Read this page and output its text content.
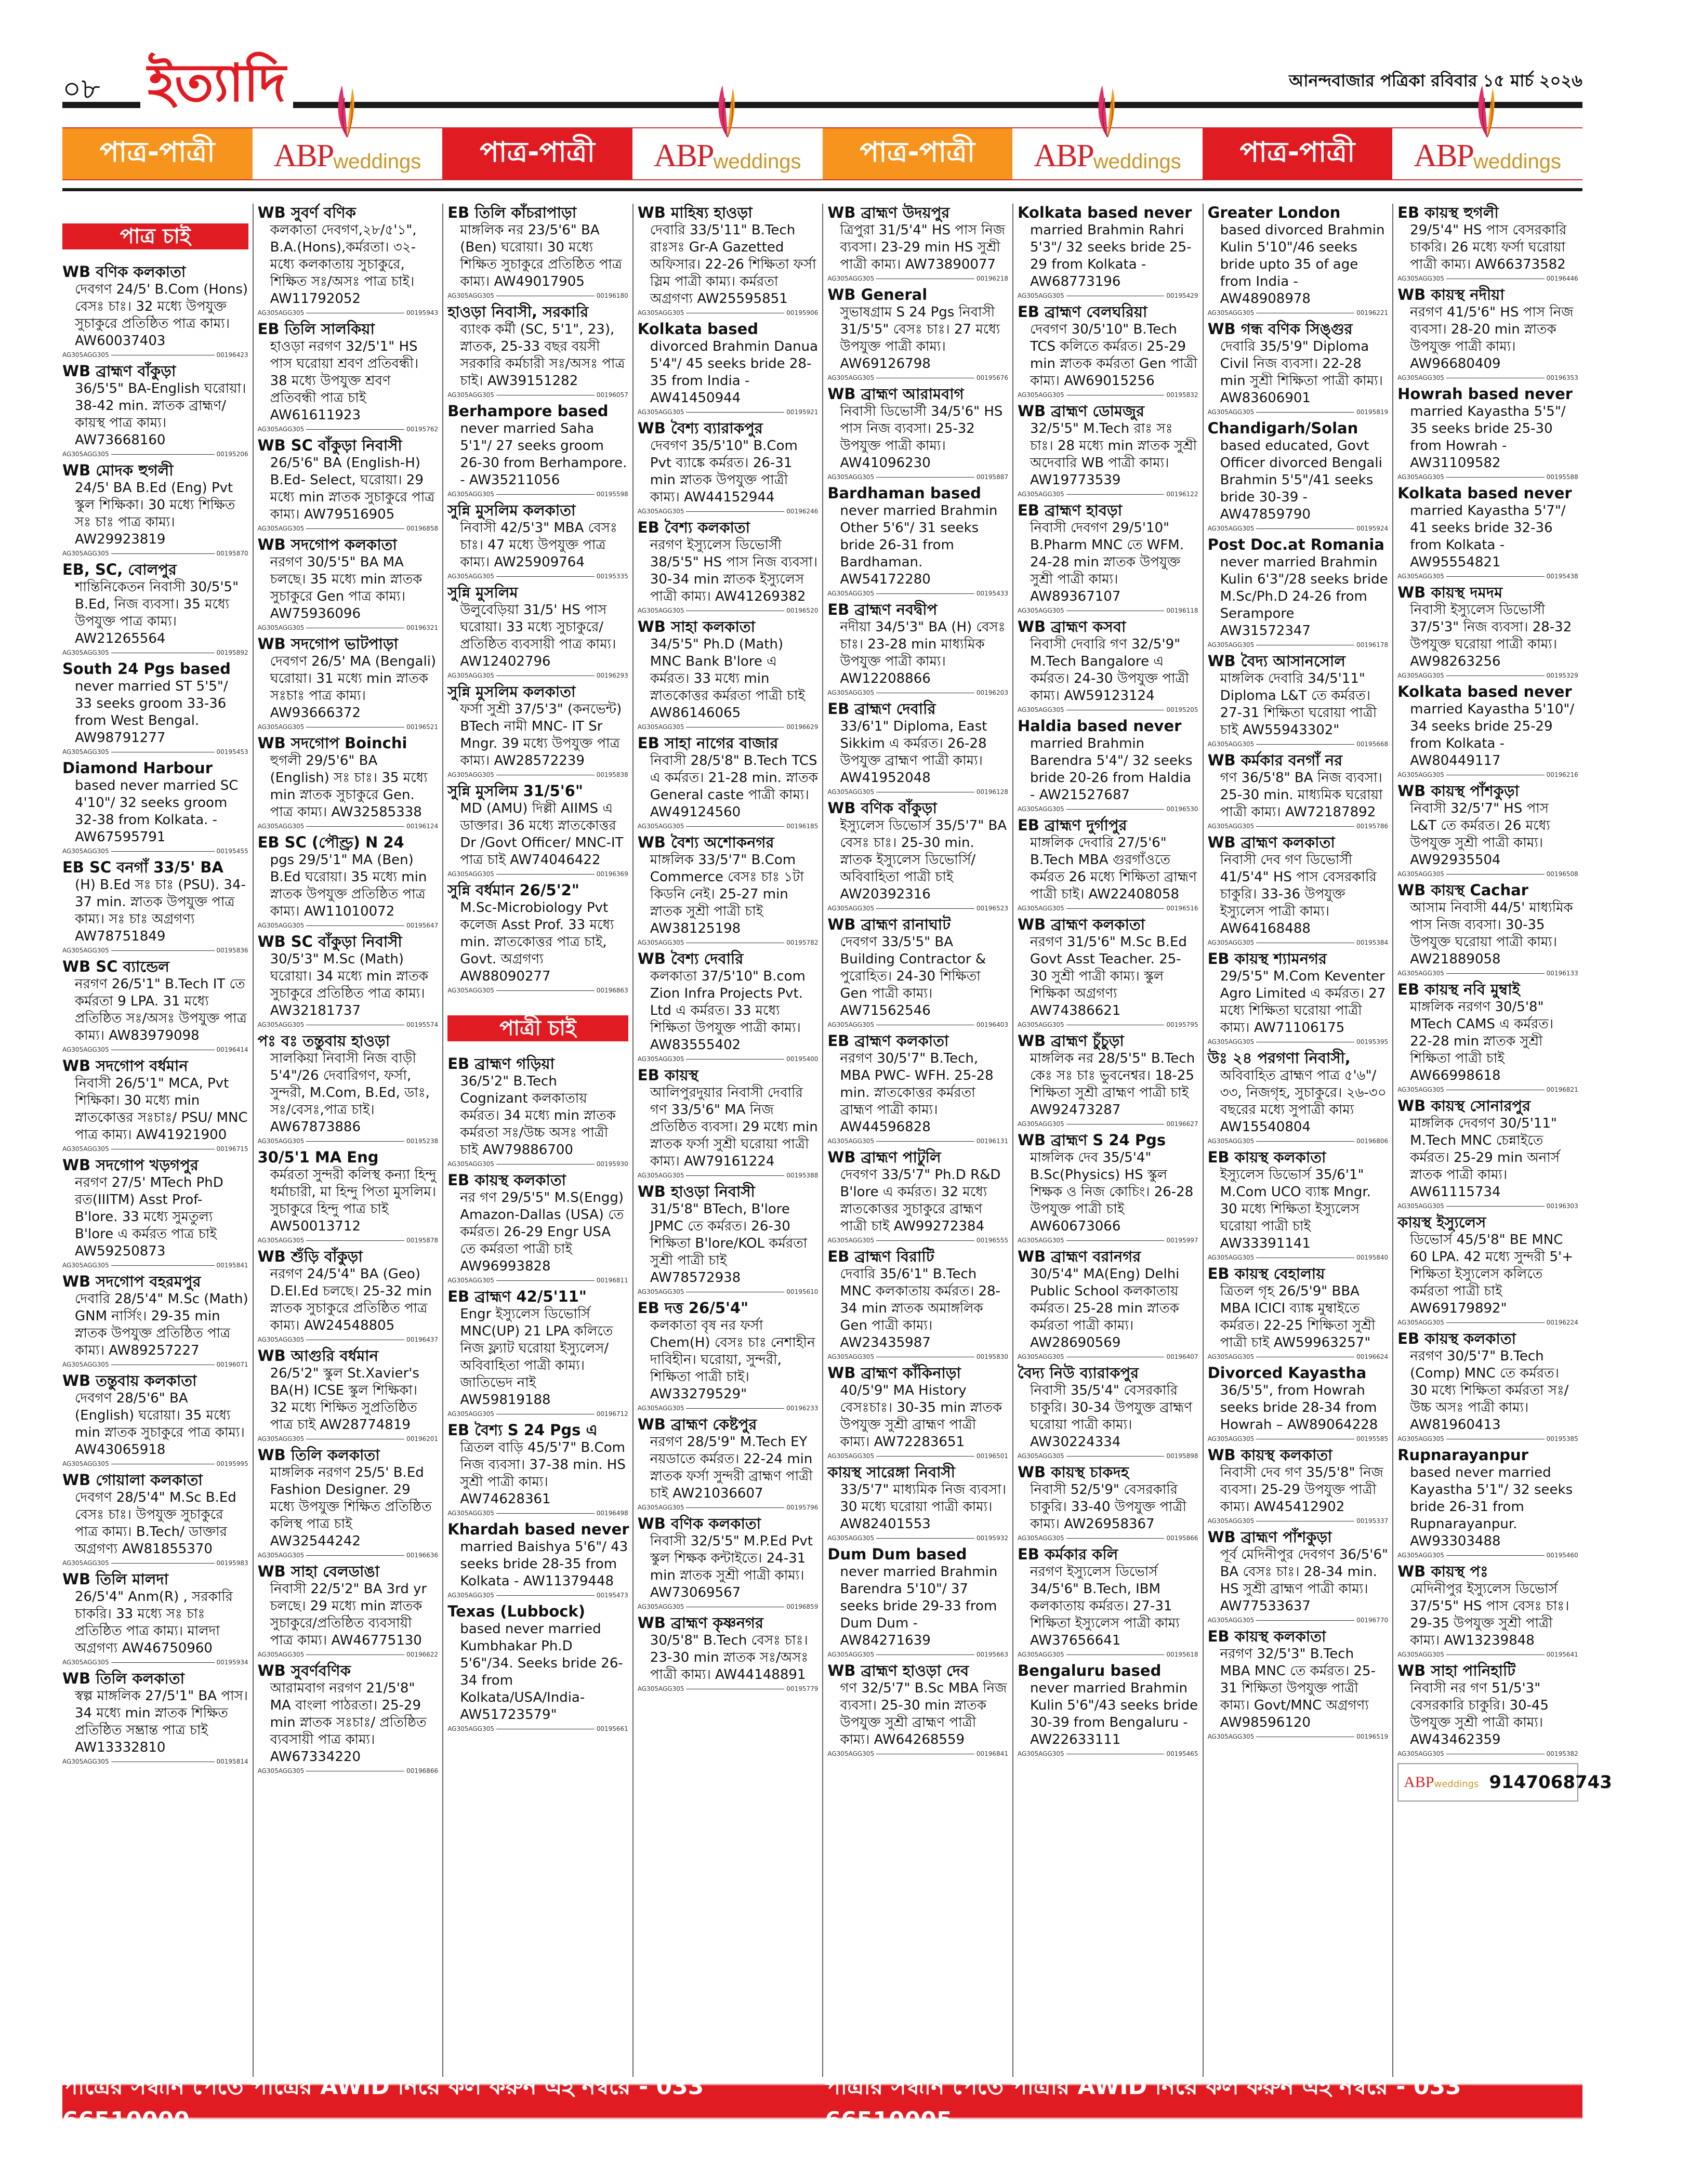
০৮ ইত্যাদি	আনন্দবাজার পত্রিকা রবিবার ১৫ মার্চ ২০২৬
পাত্র-পাত্রী	ABP weddings	পাত্র-পাত্রী	ABP weddings	পাত্র-পাত্রী	ABP weddings	পাত্র-পাত্রী	ABP weddings
পাত্র চাই
WB বণিক কলকাতা
দেবগণ 24/5' B.Com (Hons) বেসঃ চাঃ। 32 মধ্যে উপযুক্ত সুচাকুরে প্রতিষ্ঠিত পাত্র কাম্য। AW60037403
AG305AGG305	00196423
WB ব্রাহ্মণ বাঁকুড়া
36/5'5" BA-English ঘরোয়া। 38-42 min. স্নাতক ব্রাহ্মণ/ কায়স্থ পাত্র কাম্য। AW73668160
AG305AGG305	00195206
WB মোদক হুগলী
24/5' BA B.Ed (Eng) Pvt স্কুল শিক্ষিকা। 30 মধ্যে শিক্ষিত সঃ চাঃ পাত্র কাম্য। AW29923819
AG305AGG305	00195870
EB, SC, বোলপুর
শান্তিনিকেতন নিবাসী 30/5'5" B.Ed, নিজ ব্যবসা। 35 মধ্যে উপযুক্ত পাত্র কাম্য। AW21265564
AG305AGG305	00195892
South 24 Pgs based
never married ST 5'5"/ 33 seeks groom 33-36 from West Bengal. AW98791277
AG305AGG305	00195453
Diamond Harbour
based never married SC 4'10"/ 32 seeks groom 32-38 from Kolkata. - AW67595791
AG305AGG305	00195455
EB SC বনগাঁ 33/5' BA
(H) B.Ed সঃ চাঃ (PSU). 34-37 min. স্নাতক উপযুক্ত পাত্র কাম্য। সঃ চাঃ অগ্রগণ্য AW78751849
AG305AGG305	00195836
WB SC ব্যান্ডেল
নরগণ 26/5'1" B.Tech IT তে কর্মরতা 9 LPA. 31 মধ্যে প্রতিষ্ঠিত সঃ/অসঃ উপযুক্ত পাত্র কাম্য। AW83979098
AG305AGG305	00196414
WB সদগোপ বর্ধমান
নিবাসী 26/5'1" MCA, Pvt শিক্ষিকা। 30 মধ্যে min স্নাতকোত্তর সঃচাঃ/ PSU/ MNC পাত্র কাম্য। AW41921900
AG305AGG305	00196715
WB সদগোপ খড়গপুর
নরগণ 27/5' MTech PhD রত(IIITM) Asst Prof- B'lore. 33 মধ্যে সুমতুল্য B'lore এ কর্মরত পাত্র চাই AW59250873
AG305AGG305	00195841
WB সদগোপ বহরমপুর
দেবারি 28/5'4" M.Sc (Math) GNM নার্সিং। 29-35 min স্নাতক উপযুক্ত প্রতিষ্ঠিত পাত্র কাম্য। AW89257227
AG305AGG305	00196071
WB তন্তুবায় কলকাতা
দেবগণ 28/5'6" BA (English) ঘরোয়া। 35 মধ্যে min স্নাতক সুচাকুরে পাত্র কাম্য। AW43065918
AG305AGG305	00195995
WB গোয়ালা কলকাতা
দেবগণ 28/5'4" M.Sc B.Ed বেসঃ চাঃ। উপযুক্ত সুচাকুরে পাত্র কাম্য। B.Tech/ ডাক্তার অগ্রগণ্য AW81855370
AG305AGG305	00195983
WB তিলি মালদা
26/5'4" Anm(R) , সরকারি চাকরি। 33 মধ্যে সঃ চাঃ প্রতিষ্ঠিত পাত্র কাম্য। মালদা অগ্রগণ্য AW46750960
AG305AGG305	00195934
WB তিলি কলকাতা
স্বল্প মাঙ্গলিক 27/5'1" BA পাস। 34 মধ্যে min স্নাতক শিক্ষিত প্রতিষ্ঠিত সম্ভ্রান্ত পাত্র চাই AW13332810
AG305AGG305	00195814
WB সুবর্ণ বণিক
কলকাতা দেবগণ,২৮/৫'১", B.A.(Hons),কর্মরতা। ৩২-মধ্যে কলকাতায় সুচাকুরে, শিক্ষিত সঃ/অসঃ পাত্র চাই। AW11792052
AG305AGG305	00195943
EB তিলি সালকিয়া
হাওড়া নরগণ 32/5'1" HS পাস ঘরোয়া শ্রবণ প্রতিবন্ধী। 38 মধ্যে উপযুক্ত শ্রবণ প্রতিবন্ধী পাত্র চাই AW61611923
AG305AGG305	00195762
WB SC বাঁকুড়া নিবাসী
26/5'6" BA (English-H) B.Ed- Select, ঘরোয়া। 29 মধ্যে min স্নাতক সুচাকুরে পাত্র কাম্য। AW79516905
AG305AGG305	00196858
WB সদগোপ কলকাতা
নরগণ 30/5'5" BA MA চলছে। 35 মধ্যে min স্নাতক সুচাকুরে Gen পাত্র কাম্য। AW75936096
AG305AGG305	00196321
WB সদগোপ ভাটপাড়া
দেবগণ 26/5' MA (Bengali) ঘরোয়া। 31 মধ্যে min স্নাতক সঃচাঃ পাত্র কাম্য। AW93666372
AG305AGG305	00196521
WB সদগোপ Boinchi
হুগলী 29/5'6" BA (English) সঃ চাঃ। 35 মধ্যে min স্নাতক সুচাকুরে Gen. পাত্র কাম্য। AW32585338
AG305AGG305	00196124
EB SC (পৌণ্ড্র) N 24
pgs 29/5'1" MA (Ben) B.Ed ঘরোয়া। 35 মধ্যে min স্নাতক উপযুক্ত প্রতিষ্ঠিত পাত্র কাম্য। AW11010072
AG305AGG305	00195647
WB SC বাঁকুড়া নিবাসী
30/5'3" M.Sc (Math) ঘরোয়া। 34 মধ্যে min স্নাতক সুচাকুরে প্রতিষ্ঠিত পাত্র কাম্য। AW32181737
AG305AGG305	00195574
পঃ বঃ তন্তুবায় হাওড়া
সালকিয়া নিবাসী নিজ বাড়ী 5'4"/26 দেবারিগণ, ফর্সা, সুন্দরী, M.Com, B.Ed, ডাঃ, সঃ/বেসঃ,পাত্র চাই। AW67873886
AG305AGG305	00195238
30/5'1 MA Eng
কর্মরতা সুন্দরী কলিস্থ কন্যা হিন্দু ধর্মাচারী, মা হিন্দু পিতা মুসলিম। সুচাকুরে হিন্দু পাত্র চাই AW50013712
AG305AGG305	00195878
WB শুঁড়ি বাঁকুড়া
নরগণ 24/5'4" BA (Geo) D.El.Ed চলছে। 25-32 min স্নাতক সুচাকুরে প্রতিষ্ঠিত পাত্র কাম্য। AW24548805
AG305AGG305	00196437
WB আগুরি বর্ধমান
26/5'2" স্কুল St.Xavier's BA(H) ICSE স্কুল শিক্ষিকা। 32 মধ্যে শিক্ষিত সুপ্রতিষ্ঠিত পাত্র চাই AW28774819
AG305AGG305	00196201
WB তিলি কলকাতা
মাঙ্গলিক নরগণ 25/5' B.Ed Fashion Designer. 29 মধ্যে উপযুক্ত শিক্ষিত প্রতিষ্ঠিত কলিস্থ পাত্র চাই AW32544242
AG305AGG305	00196636
WB সাহা বেলডাঙা
নিবাসী 22/5'2" BA 3rd yr চলছে। 29 মধ্যে min স্নাতক সুচাকুরে/প্রতিষ্ঠিত ব্যবসায়ী পাত্র কাম্য। AW46775130
AG305AGG305	00196622
WB সুবর্ণবণিক
আরামবাগ নরগণ 21/5'8" MA বাংলা পাঠরতা। 25-29 min স্নাতক সঃচাঃ/ প্রতিষ্ঠিত ব্যবসায়ী পাত্র কাম্য। AW67334220
AG305AGG305	00196866
EB তিলি কাঁচরাপাড়া
মাঙ্গলিক নর 23/5'6" BA (Ben) ঘরোয়া। 30 মধ্যে শিক্ষিত সুচাকুরে প্রতিষ্ঠিত পাত্র কাম্য। AW49017905
AG305AGG305	00196180
হাওড়া নিবাসী, সরকারি
ব্যাংক কর্মী (SC, 5'1", 23), স্নাতক, 25-33 বছর বয়সী সরকারি কর্মচারী সঃ/অসঃ পাত্র চাই। AW39151282
AG305AGG305	00196057
Berhampore based
never married Saha 5'1"/ 27 seeks groom 26-30 from Berhampore. - AW35211056
AG305AGG305	00195598
সুন্নি মুসলিম কলকাতা
নিবাসী 42/5'3" MBA বেসঃ চাঃ। 47 মধ্যে উপযুক্ত পাত্র কাম্য। AW25909764
AG305AGG305	00195335
সুন্নি মুসলিম
উলুবেড়িয়া 31/5' HS পাস ঘরোয়া। 33 মধ্যে সুচাকুরে/ প্রতিষ্ঠিত ব্যবসায়ী পাত্র কাম্য। AW12402796
AG305AGG305	00196293
সুন্নি মুসলিম কলকাতা
ফর্সা সুশ্রী 37/5'3" (কনভেন্ট) BTech নামী MNC- IT Sr Mngr. 39 মধ্যে উপযুক্ত পাত্র কাম্য। AW28572239
AG305AGG305	00195838
সুন্নি মুসলিম 31/5'6"
MD (AMU) দিল্লী AIIMS এ ডাক্তার। 36 মধ্যে স্নাতকোত্তর Dr /Govt Officer/ MNC-IT পাত্র চাই AW74046422
AG305AGG305	00196369
সুন্নি বর্ধমান 26/5'2"
M.Sc-Microbiology Pvt কলেজ Asst Prof. 33 মধ্যে min. স্নাতকোত্তর পাত্র চাই, Govt. অগ্রগণ্য AW88090277
AG305AGG305	00196863
পাত্রী চাই
EB ব্রাহ্মণ গড়িয়া
36/5'2" B.Tech Cognizant কলকাতায় কর্মরত। 34 মধ্যে min স্নাতক কর্মরতা সঃ/উচ্চ অসঃ পাত্রী চাই AW79886700
AG305AGG305	00195930
EB কায়স্থ কলকাতা
নর গণ 29/5'5" M.S(Engg) Amazon-Dallas (USA) তে কর্মরত। 26-29 Engr USA তে কর্মরতা পাত্রী চাই AW96993828
AG305AGG305	00196811
EB ব্রাহ্মণ 42/5'11"
Engr ইস্যুলেস ডিভোর্সি MNC(UP) 21 LPA কলিতে নিজ ফ্ল্যাট ঘরোয়া ইস্যুলেস/অবিবাহিতা পাত্রী কাম্য। জাতিভেদ নাই AW59819188
AG305AGG305	00196712
EB বৈশ্য S 24 Pgs এ
ত্রিতল বাড়ি 45/5'7" B.Com নিজ ব্যবসা। 37-38 min. HS সুশ্রী পাত্রী কাম্য। AW74628361
AG305AGG305	00196498
Khardah based never
married Baishya 5'6"/ 43 seeks bride 28-35 from Kolkata - AW11379448
AG305AGG305	00195473
Texas (Lubbock)
based never married Kumbhakar Ph.D 5'6"/34. Seeks bride 26-34 from Kolkata/USA/India- AW51723579"
AG305AGG305	00195661
WB মাহিষ্য হাওড়া
দেবারি 33/5'11" B.Tech রাঃসঃ Gr-A Gazetted অফিসার। 22-26 শিক্ষিতা ফর্সা স্লিম পাত্রী কাম্য। কর্মরতা অগ্রগণ্য AW25595851
AG305AGG305	00195906
Kolkata based
divorced Brahmin Danua 5'4"/ 45 seeks bride 28-35 from India - AW41450944
AG305AGG305	00195921
WB বৈশ্য ব্যারাকপুর
দেবগণ 35/5'10" B.Com Pvt ব্যাঙ্কে কর্মরত। 26-31 min স্নাতক উপযুক্ত পাত্রী কাম্য। AW44152944
AG305AGG305	00196246
EB বৈশ্য কলকাতা
নরগণ ইস্যুলেস ডিভোর্সী 38/5'5" HS পাস নিজ ব্যবসা। 30-34 min স্নাতক ইস্যুলেস পাত্রী কাম্য। AW41269382
AG305AGG305	00196520
WB সাহা কলকাতা
34/5'5" Ph.D (Math) MNC Bank B'lore এ কর্মরত। 33 মধ্যে min স্নাতকোত্তর কর্মরতা পাত্রী চাই AW86146065
AG305AGG305	00196629
EB সাহা নাগের বাজার
নিবাসী 28/5'8" B.Tech TCS এ কর্মরত। 21-28 min. স্নাতক General caste পাত্রী কাম্য। AW49124560
AG305AGG305	00196185
WB বৈশ্য অশোকনগর
মাঙ্গলিক 33/5'7" B.Com Commerce বেসঃ চাঃ ১টা কিডনি নেই। 25-27 min স্নাতক সুশ্রী পাত্রী চাই AW38125198
AG305AGG305	00195782
WB বৈশ্য দেবারি
কলকাতা 37/5'10" B.com Zion Infra Projects Pvt. Ltd এ কর্মরত। 33 মধ্যে শিক্ষিতা উপযুক্ত পাত্রী কাম্য। AW83555402
AG305AGG305	00195400
EB কায়স্থ
আলিপুরদুয়ার নিবাসী দেবারি গণ 33/5'6" MA নিজ প্রতিষ্ঠিত ব্যবসা। 29 মধ্যে min স্নাতক ফর্সা সুশ্রী ঘরোয়া পাত্রী কাম্য। AW79161224
AG305AGG305	00195388
WB হাওড়া নিবাসী
31/5'8" BTech, B'lore JPMC তে কর্মরত। 26-30 শিক্ষিতা B'lore/KOL কর্মরতা সুশ্রী পাত্রী চাই AW78572938
AG305AGG305	00195610
EB দত্ত 26/5'4"
কলকাতা বৃষ নর ফর্সা Chem(H) বেসঃ চাঃ নেশাহীন দাবিহীন। ঘরোয়া, সুন্দরী, শিক্ষিতা পাত্রী চাই। AW33279529"
AG305AGG305	00196233
WB ব্রাহ্মণ কেষ্টপুর
নরগণ 28/5'9" M.Tech EY নয়ডাতে কর্মরত। 22-24 min স্নাতক ফর্সা সুন্দরী ব্রাহ্মণ পাত্রী চাই AW21036607
AG305AGG305	00195796
WB বণিক কলকাতা
নিবাসী 32/5'5" M.P.Ed Pvt স্কুল শিক্ষক কন্টাইতে। 24-31 min স্নাতক সুশ্রী পাত্রী কাম্য। AW73069567
AG305AGG305	00196859
WB ব্রাহ্মণ কৃষ্ণনগর
30/5'8" B.Tech বেসঃ চাঃ। 23-30 min স্নাতক সঃ/অসঃ পাত্রী কাম্য। AW44148891
AG305AGG305	00195779
WB ব্রাহ্মণ উদয়পুর
ত্রিপুরা 31/5'4" HS পাস নিজ ব্যবসা। 23-29 min HS সুশ্রী পাত্রী কাম্য। AW73890077
AG305AGG305	00196218
WB General
সুভাষগ্রাম S 24 Pgs নিবাসী 31/5'5" বেসঃ চাঃ। 27 মধ্যে উপযুক্ত পাত্রী কাম্য। AW69126798
AG305AGG305	00195676
WB ব্রাহ্মণ আরামবাগ
নিবাসী ডিভোর্সী 34/5'6" HS পাস নিজ ব্যবসা। 25-32 উপযুক্ত পাত্রী কাম্য। AW41096230
AG305AGG305	00195887
Bardhaman based
never married Brahmin Other 5'6"/ 31 seeks bride 26-31 from Bardhaman. AW54172280
AG305AGG305	00195433
EB ব্রাহ্মণ নবদ্বীপ
নদীয়া 34/5'3" BA (H) বেসঃ চাঃ। 23-28 min মাধ্যমিক উপযুক্ত পাত্রী কাম্য। AW12208866
AG305AGG305	00196203
EB ব্রাহ্মণ দেবারি
33/6'1" Diploma, East Sikkim এ কর্মরত। 26-28 উপযুক্ত ব্রাহ্মণ পাত্রী কাম্য। AW41952048
AG305AGG305	00196128
WB বণিক বাঁকুড়া
ইস্যুলেস ডিভোর্স 35/5'7" BA বেসঃ চাঃ। 25-30 min. স্নাতক ইস্যুলেস ডিভোর্সি/ অবিবাহিতা পাত্রী চাই AW20392316
AG305AGG305	00196523
WB ব্রাহ্মণ রানাঘাট
দেবগণ 33/5'5" BA Building Contractor & পুরোহিত। 24-30 শিক্ষিতা Gen পাত্রী কাম্য। AW71562546
AG305AGG305	00196403
EB ব্রাহ্মণ কলকাতা
নরগণ 30/5'7" B.Tech, MBA PWC- WFH. 25-28 min. স্নাতকোত্তর কর্মরতা ব্রাহ্মণ পাত্রী কাম্য। AW44596828
AG305AGG305	00196131
WB ব্রাহ্মণ পাটুলি
দেবগণ 33/5'7" Ph.D R&D B'lore এ কর্মরত। 32 মধ্যে স্নাতকোত্তর সুচাকুরে ব্রাহ্মণ পাত্রী চাই AW99272384
AG305AGG305	00196555
EB ব্রাহ্মণ বিরাটি
দেবারি 35/6'1" B.Tech MNC কলকাতায় কর্মরত। 28-34 min স্নাতক অমাঙ্গলিক Gen পাত্রী কাম্য। AW23435987
AG305AGG305	00195830
WB ব্রাহ্মণ কাঁকিনাড়া
40/5'9" MA History বেসঃচাঃ। 30-35 min স্নাতক উপযুক্ত সুশ্রী ব্রাহ্মণ পাত্রী কাম্য। AW72283651
AG305AGG305	00196501
কায়স্থ সারেঙ্গা নিবাসী
33/5'7" মাধ্যমিক নিজ ব্যবসা। 30 মধ্যে ঘরোয়া পাত্রী কাম্য। AW82401553
AG305AGG305	00195932
Dum Dum based
never married Brahmin Barendra 5'10"/ 37 seeks bride 29-33 from Dum Dum - AW84271639
AG305AGG305	00195663
WB ব্রাহ্মণ হাওড়া দেব
গণ 32/5'7" B.Sc MBA নিজ ব্যবসা। 25-30 min স্নাতক উপযুক্ত সুশ্রী ব্রাহ্মণ পাত্রী কাম্য। AW64268559
AG305AGG305	00196841
Kolkata based never
married Brahmin Rahri 5'3"/ 32 seeks bride 25-29 from Kolkata - AW68773196
AG305AGG305	00195429
EB ব্রাহ্মণ বেলঘরিয়া
দেবগণ 30/5'10" B.Tech TCS কলিতে কর্মরত। 25-29 min স্নাতক কর্মরতা Gen পাত্রী কাম্য। AW69015256
AG305AGG305	00195832
WB ব্রাহ্মণ ডোমজুর
32/5'5" M.Tech রাঃ সঃ চাঃ। 28 মধ্যে min স্নাতক সুশ্রী অদেবারি WB পাত্রী কাম্য। AW19773539
AG305AGG305	00196122
EB ব্রাহ্মণ হাবড়া
নিবাসী দেবগণ 29/5'10" B.Pharm MNC তে WFM. 24-28 min স্নাতক উপযুক্ত সুশ্রী পাত্রী কাম্য। AW89367107
AG305AGG305	00196118
WB ব্রাহ্মণ কসবা
নিবাসী দেবারি গণ 32/5'9" M.Tech Bangalore এ কর্মরত। 24-30 উপযুক্ত পাত্রী কাম্য। AW59123124
AG305AGG305	00195205
Haldia based never
married Brahmin Barendra 5'4"/ 32 seeks bride 20-26 from Haldia - AW21527687
AG305AGG305	00196530
EB ব্রাহ্মণ দুর্গাপুর
মাঙ্গলিক দেবারি 27/5'6" B.Tech MBA গুরগাঁওতে কর্মরত 26 মধ্যে শিক্ষিতা ব্রাহ্মণ পাত্রী চাই। AW22408058
AG305AGG305	00196516
WB ব্রাহ্মণ কলকাতা
নরগণ 31/5'6" M.Sc B.Ed Govt Asst Teacher. 25-30 সুশ্রী পাত্রী কাম্য। স্কুল শিক্ষিকা অগ্রগণ্য AW74386621
AG305AGG305	00195795
WB ব্রাহ্মণ চুঁচুড়া
মাঙ্গলিক নর 28/5'5" B.Tech কেঃ সঃ চাঃ ভুবনেশ্বর। 18-25 শিক্ষিতা সুশ্রী ব্রাহ্মণ পাত্রী চাই AW92473287
AG305AGG305	00196627
WB ব্রাহ্মণ S 24 Pgs
মাঙ্গলিক দেব 35/5'4" B.Sc(Physics) HS স্কুল শিক্ষক ও নিজ কোচিং। 26-28 উপযুক্ত পাত্রী চাই AW60673066
AG305AGG305	00195997
WB ব্রাহ্মণ বরানগর
30/5'4" MA(Eng) Delhi Public School কলকাতায় কর্মরত। 25-28 min স্নাতক কর্মরতা পাত্রী কাম্য। AW28690569
AG305AGG305	00196407
বৈদ্য নিউ ব্যারাকপুর
নিবাসী 35/5'4" বেসরকারি চাকুরি। 30-34 উপযুক্ত ব্রাহ্মণ ঘরোয়া পাত্রী কাম্য। AW30224334
AG305AGG305	00195898
WB কায়স্থ চাকদহ
নিবাসী 52/5'9" বেসরকারি চাকুরি। 33-40 উপযুক্ত পাত্রী কাম্য। AW26958367
AG305AGG305	00195866
EB কর্মকার কলি
নরগণ ইস্যুলেস ডিভোর্স 34/5'6" B.Tech, IBM কলকাতায় কর্মরত। 27-31 শিক্ষিতা ইস্যুলেস পাত্রী কাম্য AW37656641
AG305AGG305	00195618
Bengaluru based
never married Brahmin Kulin 5'6"/43 seeks bride 30-39 from Bengaluru - AW22633111
AG305AGG305	00195465
Greater London
based divorced Brahmin Kulin 5'10"/46 seeks bride upto 35 of age from India - AW48908978
AG305AGG305	00196221
WB গন্ধ বণিক সিঙ্গুর
দেবারি 35/5'9" Diploma Civil নিজ ব্যবসা। 22-28 min সুশ্রী শিক্ষিতা পাত্রী কাম্য। AW83606901
AG305AGG305	00195819
Chandigarh/Solan
based educated, Govt Officer divorced Bengali Brahmin 5'5"/41 seeks bride 30-39 - AW47859790
AG305AGG305	00195924
Post Doc.at Romania
never married Brahmin Kulin 6'3"/28 seeks bride M.Sc/Ph.D 24-26 from Serampore AW31572347
AG305AGG305	00196178
WB বৈদ্য আসানসোল
মাঙ্গলিক দেবারি 34/5'11" Diploma L&T তে কর্মরত। 27-31 শিক্ষিতা ঘরোয়া পাত্রী চাই AW55943302"
AG305AGG305	00195668
WB কর্মকার বনগাঁ নর
গণ 36/5'8" BA নিজ ব্যবসা। 25-30 min. মাধ্যমিক ঘরোয়া পাত্রী কাম্য। AW72187892
AG305AGG305	00195786
WB ব্রাহ্মণ কলকাতা
নিবাসী দেব গণ ডিভোর্সী 41/5'4" HS পাস বেসরকারি চাকুরি। 33-36 উপযুক্ত ইস্যুলেস পাত্রী কাম্য। AW64168488
AG305AGG305	00195384
EB কায়স্থ শ্যামনগর
29/5'5" M.Com Keventer Agro Limited এ কর্মরত। 27 মধ্যে শিক্ষিতা ঘরোয়া পাত্রী কাম্য। AW71106175
AG305AGG305	00195395
উঃ ২৪ পরগণা নিবাসী,
অবিবাহিত ব্রাহ্মণ পাত্র ৫'৬"/৩৩, নিজগৃহ, সুচাকুরে। ২৬-৩০ বছরের মধ্যে সুপাত্রী কাম্য AW15540804
AG305AGG305	00196806
EB কায়স্থ কলকাতা
ইস্যুলেস ডিভোর্স 35/6'1" M.Com UCO ব্যাঙ্ক Mngr. 30 মধ্যে শিক্ষিতা ইস্যুলেস ঘরোয়া পাত্রী চাই AW33391141
AG305AGG305	00195840
EB কায়স্থ বেহালায়
ত্রিতল গৃহ 26/5'9" BBA MBA ICICI ব্যাঙ্ক মুম্বাইতে কর্মরত। 22-25 শিক্ষিতা সুশ্রী পাত্রী চাই AW59963257"
AG305AGG305	00196624
Divorced Kayastha
36/5'5", from Howrah seeks bride 28-34 from Howrah – AW89064228
AG305AGG305	00195585
WB কায়স্থ কলকাতা
নিবাসী দেব গণ 35/5'8" নিজ ব্যবসা। 25-29 উপযুক্ত পাত্রী কাম্য। AW45412902
AG305AGG305	00195337
WB ব্রাহ্মণ পাঁশকুড়া
পূর্ব মেদিনীপুর দেবগণ 36/5'6" BA বেসঃ চাঃ। 28-34 min. HS সুশ্রী ব্রাহ্মণ পাত্রী কাম্য। AW77533637
AG305AGG305	00196770
EB কায়স্থ কলকাতা
নরগণ 32/5'3" B.Tech MBA MNC তে কর্মরত। 25-31 শিক্ষিতা উপযুক্ত পাত্রী কাম্য। Govt/MNC অগ্রগণ্য AW98596120
AG305AGG305	00196519
EB কায়স্থ হুগলী
29/5'4" HS পাস বেসরকারি চাকরি। 26 মধ্যে ফর্সা ঘরোয়া পাত্রী কাম্য। AW66373582
AG305AGG305	00196446
WB কায়স্থ নদীয়া
নরগণ 41/5'6" HS পাস নিজ ব্যবসা। 28-20 min স্নাতক উপযুক্ত পাত্রী কাম্য। AW96680409
AG305AGG305	00196353
Howrah based never
married Kayastha 5'5"/ 35 seeks bride 25-30 from Howrah - AW31109582
AG305AGG305	00195588
Kolkata based never
married Kayastha 5'7"/ 41 seeks bride 32-36 from Kolkata - AW95554821
AG305AGG305	00195438
WB কায়স্থ দমদম
নিবাসী ইস্যুলেস ডিভোর্সী 37/5'3" নিজ ব্যবসা। 28-32 উপযুক্ত ঘরোয়া পাত্রী কাম্য। AW98263256
AG305AGG305	00195329
Kolkata based never
married Kayastha 5'10"/ 34 seeks bride 25-29 from Kolkata - AW80449117
AG305AGG305	00196216
WB কায়স্থ পাঁশকুড়া
নিবাসী 32/5'7" HS পাস L&T তে কর্মরত। 26 মধ্যে উপযুক্ত সুশ্রী পাত্রী কাম্য। AW92935504
AG305AGG305	00196508
WB কায়স্থ Cachar
আসাম নিবাসী 44/5' মাধ্যমিক পাস নিজ ব্যবসা। 30-35 উপযুক্ত ঘরোয়া পাত্রী কাম্য। AW21889058
AG305AGG305	00196133
EB কায়স্থ নবি মুম্বাই
মাঙ্গলিক নরগণ 30/5'8" MTech CAMS এ কর্মরত। 22-28 min স্নাতক সুশ্রী শিক্ষিতা পাত্রী চাই AW66998618
AG305AGG305	00196821
WB কায়স্থ সোনারপুর
মাঙ্গলিক দেবগণ 30/5'11" M.Tech MNC চেন্নাইতে কর্মরত। 25-29 min অনার্স স্নাতক পাত্রী কাম্য। AW61115734
AG305AGG305	00196303
কায়স্থ ইস্যুলেস
ডিভোর্স 45/5'8" BE MNC 60 LPA. 42 মধ্যে সুন্দরী 5'+ শিক্ষিতা ইস্যুলেস কলিতে কর্মরতা পাত্রী চাই AW69179892"
AG305AGG305	00196224
EB কায়স্থ কলকাতা
নরগণ 30/5'7" B.Tech (Comp) MNC তে কর্মরত। 30 মধ্যে শিক্ষিতা কর্মরতা সঃ/উচ্চ অসঃ পাত্রী কাম্য। AW81960413
AG305AGG305	00195385
Rupnarayanpur
based never married Kayastha 5'1"/ 32 seeks bride 26-31 from Rupnarayanpur. AW93303488
AG305AGG305	00195460
WB কায়স্থ পঃ
মেদিনীপুর ইস্যুলেস ডিভোর্স 37/5'5" HS পাস বেসঃ চাঃ। 29-35 উপযুক্ত সুশ্রী পাত্রী কাম্য। AW13239848
AG305AGG305	00195641
WB সাহা পানিহাটি
নিবাসী নর গণ 51/5'3" বেসরকারি চাকুরি। 30-45 উপযুক্ত সুশ্রী পাত্রী কাম্য। AW43462359
AG305AGG305	00195382
ABPweddings 9147068743
পাত্রের সন্ধান পেতে পাত্রের AWID নিয়ে কল করুন এই নম্বরে - 033 66510000
পাত্রীর সন্ধান পেতে পাত্রীর AWID নিয়ে কল করুন এই নম্বরে - 033 66510005
